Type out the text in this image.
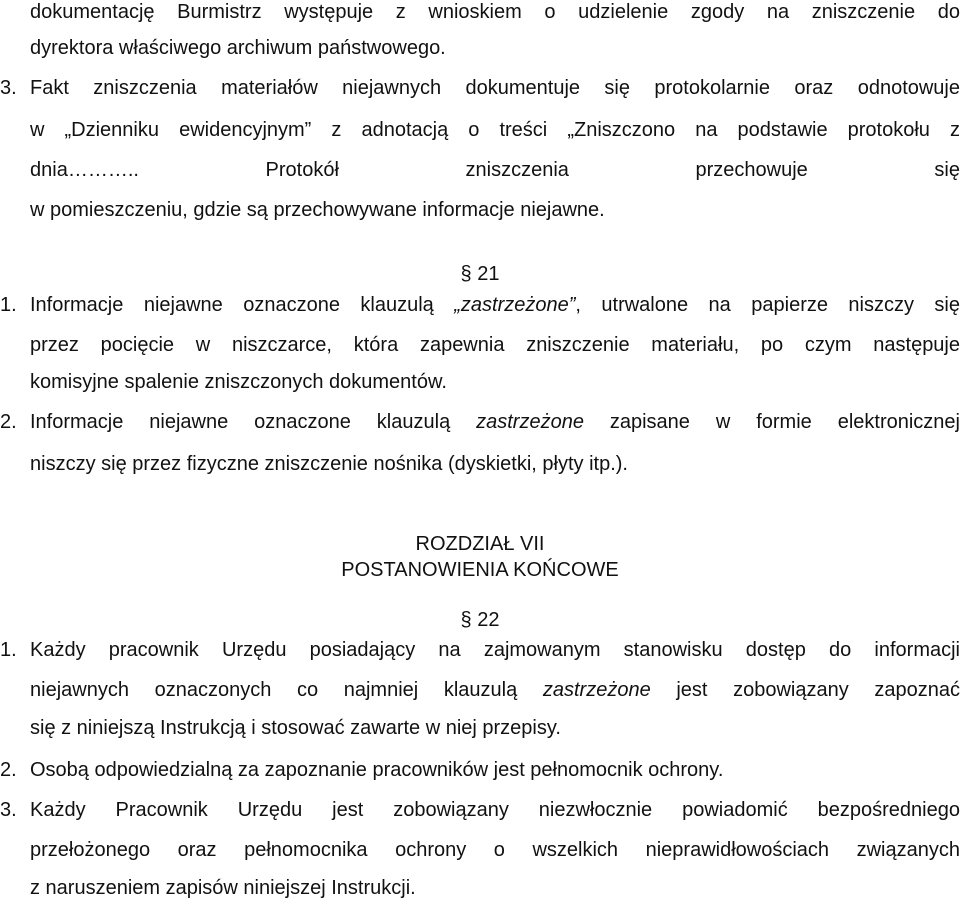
dokumentację Burmistrz występuje z wnioskiem o udzielenie zgody na zniszczenie do
dyrektora właściwego archiwum państwowego.
3. Fakt zniszczenia materiałów niejawnych dokumentuje się protokolarnie oraz odnotowuje
w „Dzienniku ewidencyjnym” z adnotacją o treści „Zniszczono na podstawie protokołu z
dnia……….. Protokół zniszczenia przechowuje się
w pomieszczeniu, gdzie są przechowywane informacje niejawne.
§ 21
1. Informacje niejawne oznaczone klauzulą „zastrzeżone”, utrwalone na papierze niszczy się
przez pocięcie w niszczarce, która zapewnia zniszczenie materiału, po czym następuje
komisyjne spalenie zniszczonych dokumentów.
2. Informacje niejawne oznaczone klauzulą zastrzeżone zapisane w formie elektronicznej
niszczy się przez fizyczne zniszczenie nośnika (dyskietki, płyty itp.).
ROZDZIAŁ VII
POSTANOWIENIA KOŃCOWE
§ 22
1. Każdy pracownik Urzędu posiadający na zajmowanym stanowisku dostęp do informacji
niejawnych oznaczonych co najmniej klauzulą zastrzeżone jest zobowiązany zapoznać
się z niniejszą Instrukcją i stosować zawarte w niej przepisy.
2. Osobą odpowiedzialną za zapoznanie pracowników jest pełnomocnik ochrony.
3. Każdy Pracownik Urzędu jest zobowiązany niezwłocznie powiadomić bezpośredniego
przełożonego oraz pełnomocnika ochrony o wszelkich nieprawidłowościach związanych
z naruszeniem zapisów niniejszej Instrukcji.
